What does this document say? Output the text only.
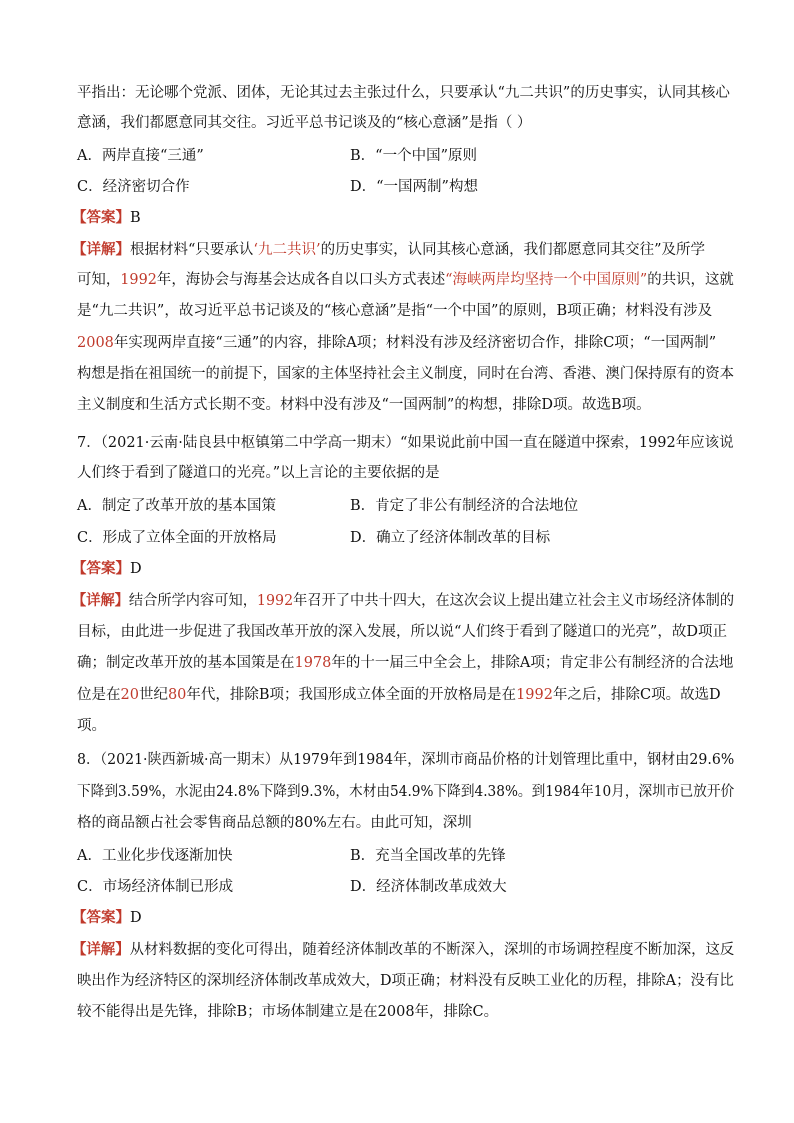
平指出：无论哪个党派、团体，无论其过去主张过什么，只要承认“九二共识”的历史事实，认同其核心
意涵，我们都愿意同其交往。习近平总书记谈及的“核心意涵”是指（ ）
A．两岸直接“三通”	B．“一个中国”原则
C．经济密切合作	D．“一国两制”构想
【答案】B
【详解】根据材料“只要承认‘九二共识’的历史事实，认同其核心意涵，我们都愿意同其交往”及所学
可知，1992年，海协会与海基会达成各自以口头方式表述“海峡两岸均坚持一个中国原则”的共识，这就
是“九二共识”，故习近平总书记谈及的“核心意涵”是指“一个中国”的原则，B项正确；材料没有涉及
2008年实现两岸直接“三通”的内容，排除A项；材料没有涉及经济密切合作，排除C项；“一国两制”
构想是指在祖国统一的前提下，国家的主体坚持社会主义制度，同时在台湾、香港、澳门保持原有的资本
主义制度和生活方式长期不变。材料中没有涉及“一国两制”的构想，排除D项。故选B项。
7．（2021·云南·陆良县中枢镇第二中学高一期末）“如果说此前中国一直在隧道中探索，1992年应该说
人们终于看到了隧道口的光亮。”以上言论的主要依据的是
A．制定了改革开放的基本国策	B．肯定了非公有制经济的合法地位
C．形成了立体全面的开放格局	D．确立了经济体制改革的目标
【答案】D
【详解】结合所学内容可知，1992年召开了中共十四大，在这次会议上提出建立社会主义市场经济体制的
目标，由此进一步促进了我国改革开放的深入发展，所以说“人们终于看到了隧道口的光亮”，故D项正
确；制定改革开放的基本国策是在1978年的十一届三中全会上，排除A项；肯定非公有制经济的合法地
位是在20世纪80年代，排除B项；我国形成立体全面的开放格局是在1992年之后，排除C项。故选D
项。
8．（2021·陕西新城·高一期末）从1979年到1984年，深圳市商品价格的计划管理比重中，钢材由29.6%
下降到3.59%，水泥由24.8%下降到9.3%，木材由54.9%下降到4.38%。到1984年10月，深圳市已放开价
格的商品额占社会零售商品总额的80%左右。由此可知，深圳
A．工业化步伐逐渐加快	B．充当全国改革的先锋
C．市场经济体制已形成	D．经济体制改革成效大
【答案】D
【详解】从材料数据的变化可得出，随着经济体制改革的不断深入，深圳的市场调控程度不断加深，这反
映出作为经济特区的深圳经济体制改革成效大，D项正确；材料没有反映工业化的历程，排除A；没有比
较不能得出是先锋，排除B；市场体制建立是在2008年，排除C。
